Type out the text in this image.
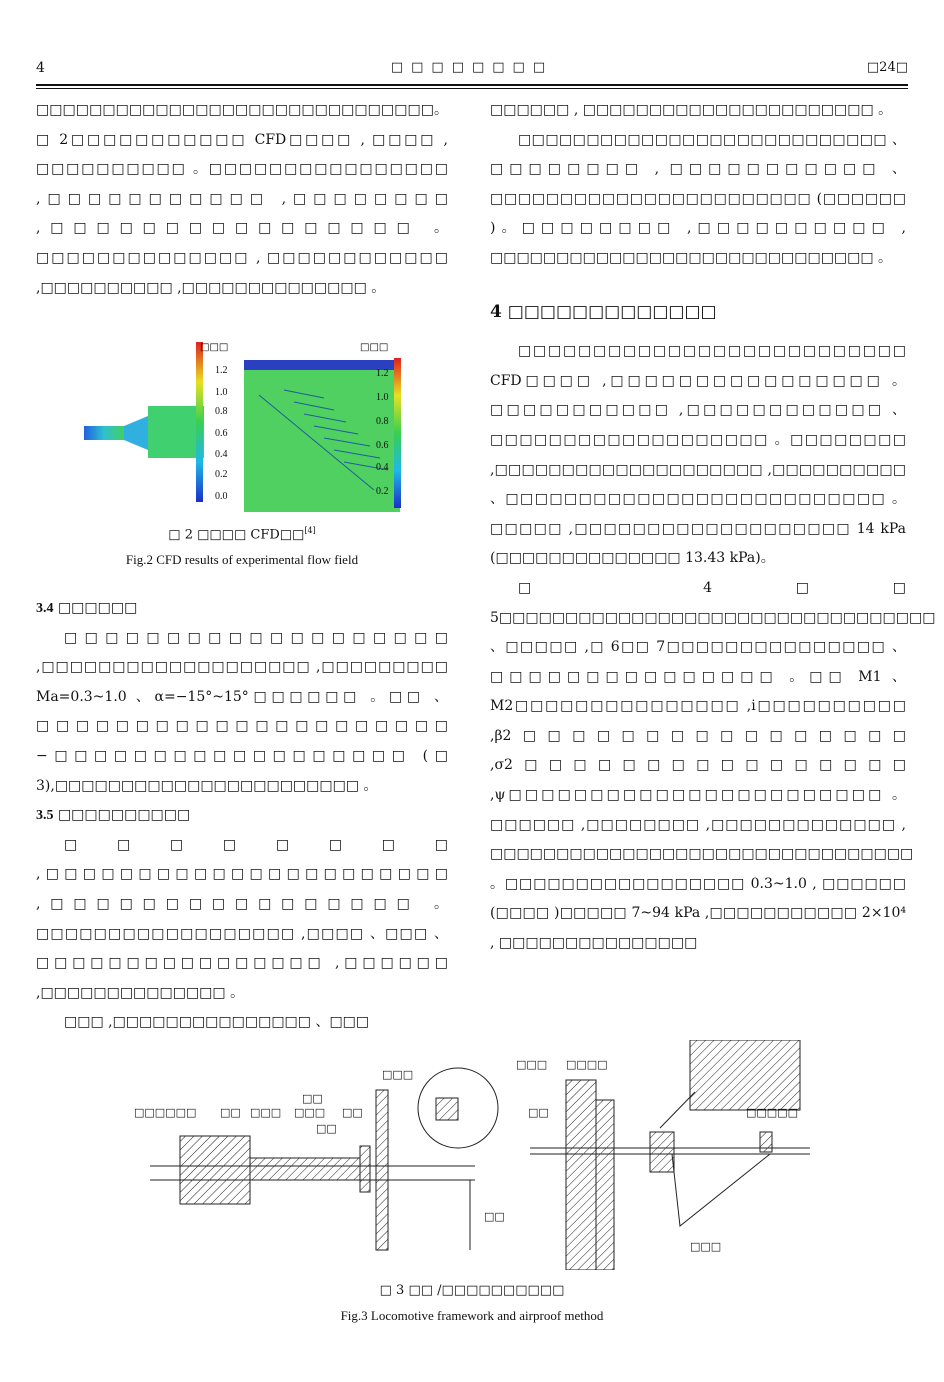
4	□□□□□□□□	□24□

□□□□□□□□□□□□□□□□□□□□□□□□□□□□□□。□ 2□□□□□□□□□□□ CFD□□□□ , □□□□ , □□□□□□□□□□ 。□□□□□□□□□□□□□□□□ ,□□□□□□□□□□□ ,□□□□□□□□ ,□□□□□□□□□□□□□□□□ 。□□□□□□□□□□□□□□ , □□□□□□□□□□□□ ,□□□□□□□□□□ ,□□□□□□□□□□□□□□ 。

□□□	□□□
1.2
1.0
0.8
0.6
0.4
0.2
0.0
1.2
1.0
0.8
0.6
0.4
0.2
□ 2 □□□□ CFD□□[4]
Fig.2 CFD results of experimental flow field

3.4 □□□□□□

□□□□□□□□□□□□□□□□□□□ ,□□□□□□□□□□□□□□□□□□□ ,□□□□□□□□□ Ma=0.3~1.0 、α=−15°~15°□□□□□□ 。□□ 、□□□□□□□□□□□□□□□□□□□□□ −□□□□□□□□□□□□□□□□□□ (□ 3),□□□□□□□□□□□□□□□□□□□□□□□ 。

3.5 □□□□□□□□□□

□□□□□□□□ ,□□□□□□□□□□□□□□□□□□□□□□ ,□□□□□□□□□□□□□□□□ 。□□□□□□□□□□□□□□□□□□ ,□□□□ 、□□□ 、□□□□□□□□□□□□□□□□ ,□□□□□□ ,□□□□□□□□□□□□□□ 。

□□□ ,□□□□□□□□□□□□□□□ 、□□□

□□□□□□ , □□□□□□□□□□□□□□□□□□□□□□ 。

□□□□□□□□□□□□□□□□□□□□□□□□□□□ 、□□□□□□□□ , □□□□□□□□□□□ 、□□□□□□□□□□□□□□□□□□□□□□□ (□□□□□□ )。□□□□□□□□ ,□□□□□□□□□□ , □□□□□□□□□□□□□□□□□□□□□□□□□□□□□ 。

4 □□□□□□□□□□□□□

□□□□□□□□□□□□□□□□□□□□□□□□□□ CFD□□□□ ,□□□□□□□□□□□□□□□□ 。□□□□□□□□□□□ ,□□□□□□□□□□□□ 、□□□□□□□□□□□□□□□□□□□ 。□□□□□□□□ ,□□□□□□□□□□□□□□□□□□□□ ,□□□□□□□□□□ 、□□□□□□□□□□□□□□□□□□□□□□□□□□ 。□□□□□ ,□□□□□□□□□□□□□□□□□□□ 14 kPa (□□□□□□□□□□□□□□ 13.43 kPa)。

□ 4□□ 5□□□□□□□□□□□□□□□□□□□□□□□□□□□□□□□□□ 、□□□□□ ,□ 6□□ 7□□□□□□□□□□□□□□□ 、□□□□□□□□□□□□□□□ 。□□ M1 、M2□□□□□□□□□□□□□□□ ,i□□□□□□□□□□ ,β2□□□□□□□□□□□□□□□□ ,σ2□□□□□□□□□□□□□□□□ ,ψ□□□□□□□□□□□□□□□□□□□□□□□ 。□□□□□□ ,□□□□□□□□ ,□□□□□□□□□□□□□ , □□□□□□□□□□□□□□□□□□□□□□□□□□□□□□□□ 。□□□□□□□□□□□□□□□□□ 0.3~1.0 , □□□□□□ (□□□□ )□□□□□ 7~94 kPa ,□□□□□□□□□□□ 2×10⁴ , □□□□□□□□□□□□□□□

□□□□□□ □□ □□□
□□
□□□ □□
□□
□□□
□□
□□□ □□□□
□□	□□□□□
□□□
□ 3 □□ /□□□□□□□□□□
Fig.3 Locomotive framework and airproof method
